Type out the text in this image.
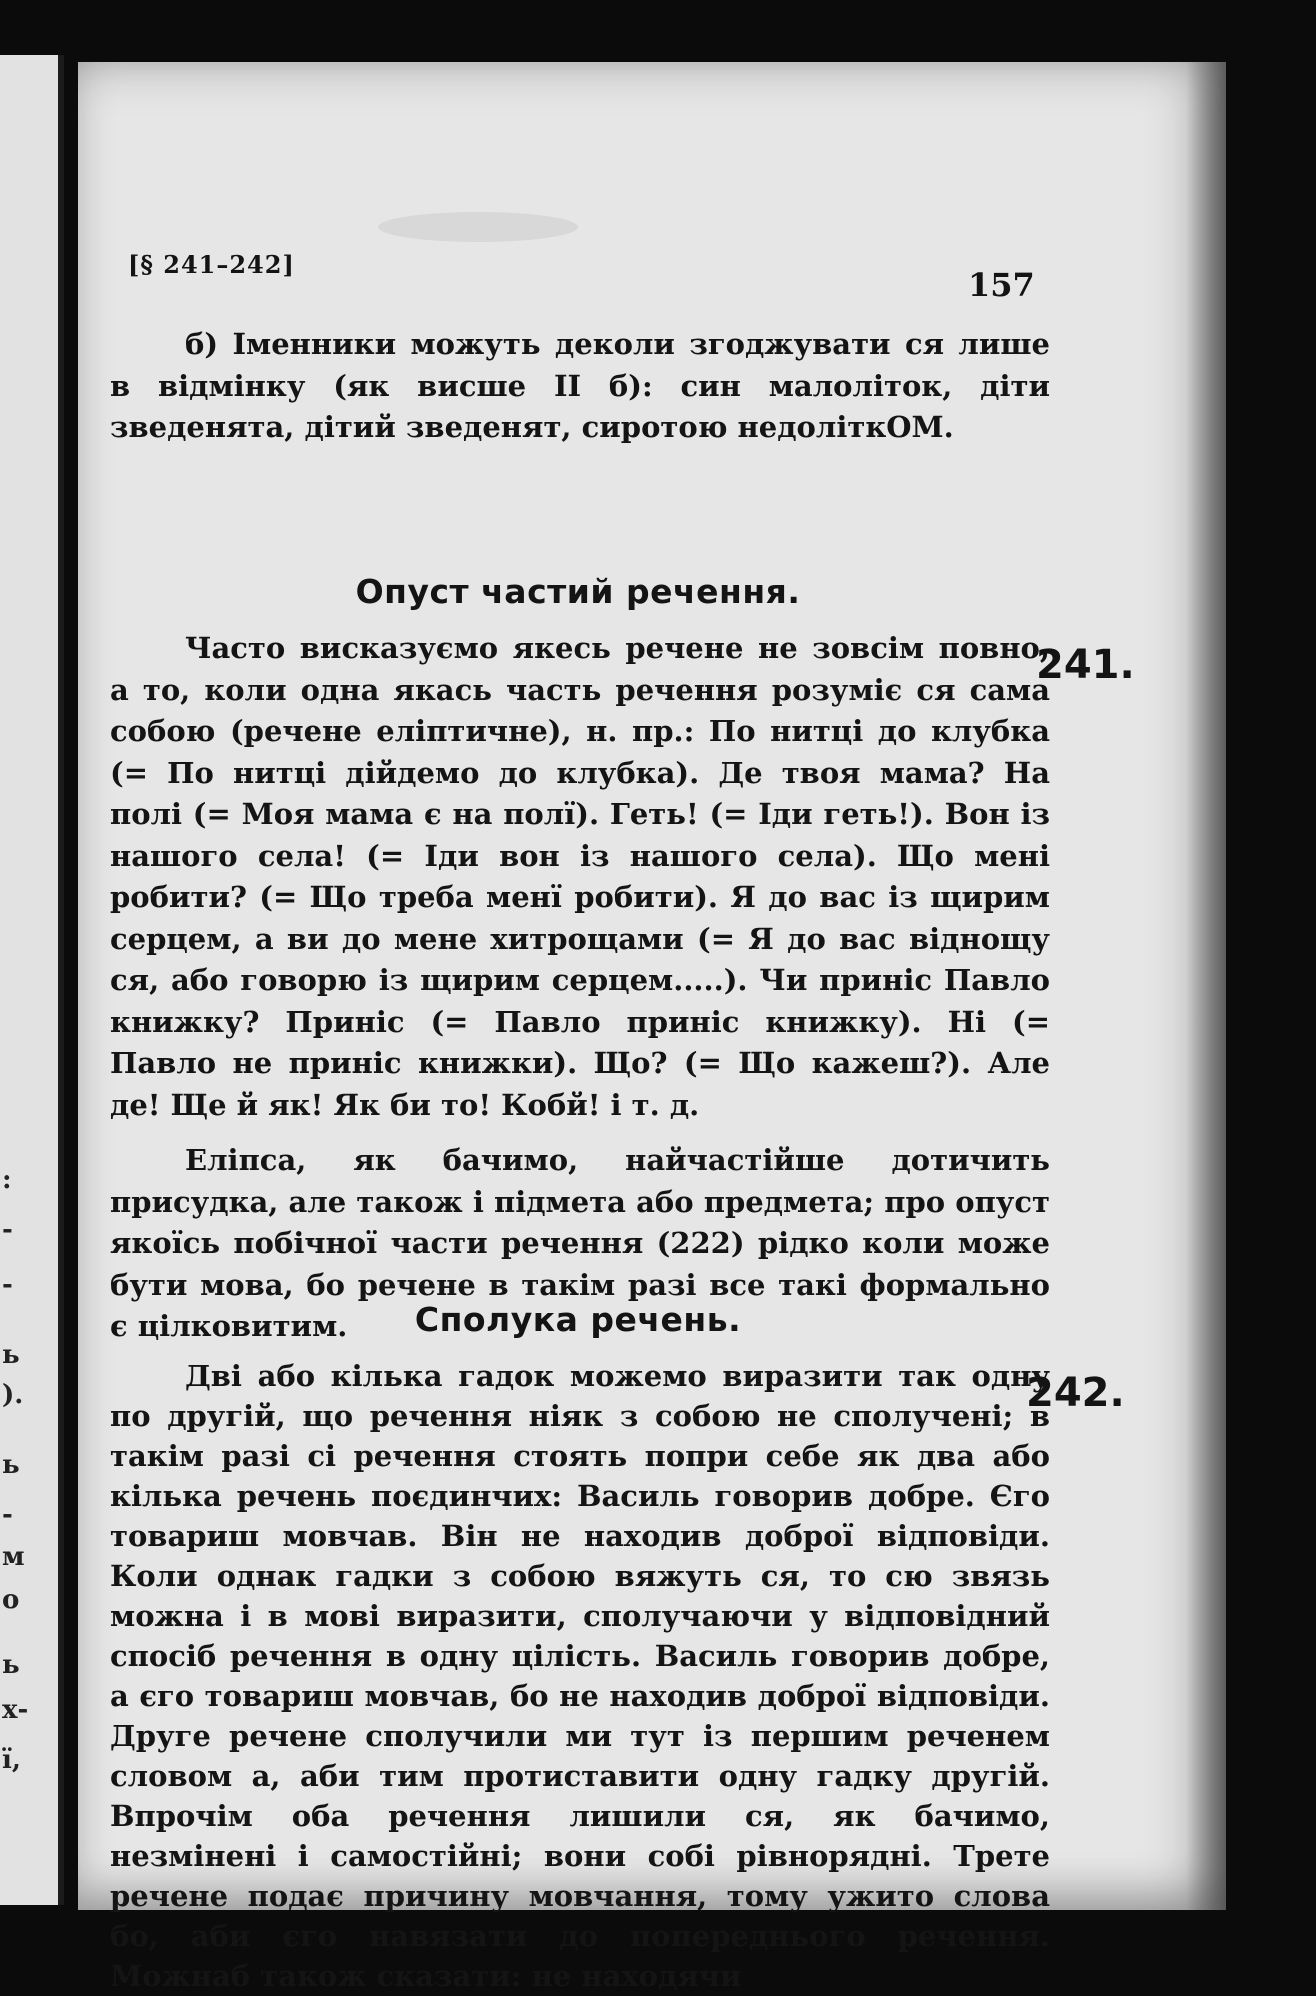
:
-
-
ь
).
ь
-
м
о
ь
х-
ї,
[§ 241–242]
157

б) Іменники можуть деколи згоджувати ся лише в відмінку (як висше II б): син малоліток, діти зведенята, дітий зведенят, сиротою недоліткОМ.

Опуст частий речення.
241.

Часто висказуємо якесь речене не зовсім повно, а то, коли одна якась часть речення розуміє ся сама собою (речене еліптичне), н. пр.: По нитці до клубка (= По нитці дійдемо до клубка). Де твоя мама? На полі (= Моя мама є на полї). Геть! (= Іди геть!). Вон із нашого села! (= Іди вон із нашого села). Що мені робити? (= Що треба менї робити). Я до вас із щирим серцем, а ви до мене хитрощами (= Я до вас віднощу ся, або говорю із щирим серцем.....). Чи приніс Павло книжку? Приніс (= Павло приніс книжку). Ні (= Павло не приніс книжки). Що? (= Що кажеш?). Але де! Ще й як! Як би то! Кобй! і т. д.

Еліпса, як бачимо, найчастійше дотичить присудка, але також і підмета або предмета; про опуст якоїсь побічної части речення (222) рідко коли може бути мова, бо речене в такім разі все такі формально є цілковитим.	Сполука речень.
242.

Дві або кілька гадок можемо виразити так одну по другій, що речення ніяк з собою не сполучені; в такім разі сі речення стоять попри себе як два або кілька речень поєдинчих: Василь говорив добре. Єго товариш мовчав. Він не находив доброї відповіди. Коли однак гадки з собою вяжуть ся, то сю звязь можна і в мові виразити, сполучаючи у відповідний спосіб речення в одну цілість. Василь говорив добре, а єго товариш мовчав, бо не находив доброї відповіди. Друге речене сполучили ми тут із першим реченем словом а, аби тим протиставити одну гадку другій. Впрочім оба речення лишили ся, як бачимо, незмінені і самостійні; вони собі рівнорядні. Трете речене подає причину мовчання, тому ужито слова бо, аби єго навязати до попереднього речення. Можнаб також сказати: не находячи
